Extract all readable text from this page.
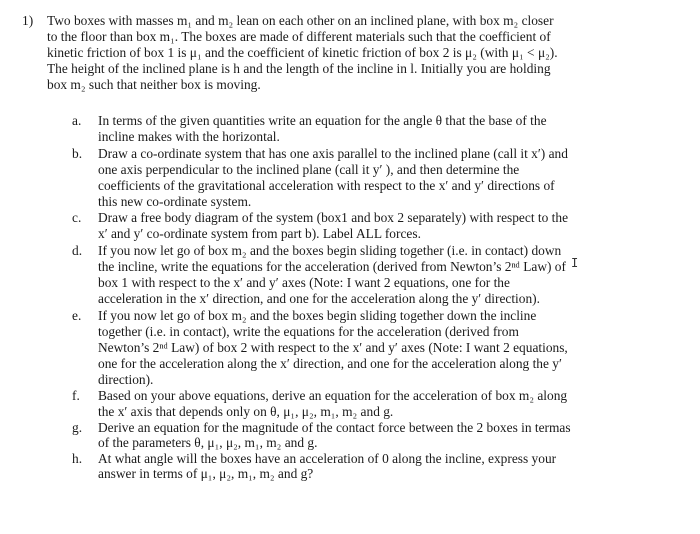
1) Two boxes with masses m₁ and m₂ lean on each other on an inclined plane, with box m₂ closer
to the floor than box m₁. The boxes are made of different materials such that the coefficient of
kinetic friction of box 1 is μ₁ and the coefficient of kinetic friction of box 2 is μ₂ (with μ₁ < μ₂).
The height of the inclined plane is h and the length of the incline in l. Initially you are holding
box m₂ such that neither box is moving.
a.	In terms of the given quantities write an equation for the angle θ that the base of the
incline makes with the horizontal.
b.	Draw a co-ordinate system that has one axis parallel to the inclined plane (call it x′) and
one axis perpendicular to the inclined plane (call it y′ ), and then determine the
coefficients of the gravitational acceleration with respect to the x′ and y′ directions of
this new co-ordinate system.
c.	Draw a free body diagram of the system (box1 and box 2 separately) with respect to the
x′ and y′ co-ordinate system from part b). Label ALL forces.
d.	If you now let go of box m₂ and the boxes begin sliding together (i.e. in contact) down
the incline, write the equations for the acceleration (derived from Newton’s 2ⁿᵈ Law) of
box 1 with respect to the x′ and y′ axes (Note: I want 2 equations, one for the
acceleration in the x′ direction, and one for the acceleration along the y′ direction).
e.	If you now let go of box m₂ and the boxes begin sliding together down the incline
together (i.e. in contact), write the equations for the acceleration (derived from
Newton’s 2ⁿᵈ Law) of box 2 with respect to the x′ and y′ axes (Note: I want 2 equations,
one for the acceleration along the x′ direction, and one for the acceleration along the y′
direction).
f.	Based on your above equations, derive an equation for the acceleration of box m₂ along
the x′ axis that depends only on θ, μ₁, μ₂, m₁, m₂ and g.
g.	Derive an equation for the magnitude of the contact force between the 2 boxes in termas
of the parameters θ, μ₁, μ₂, m₁, m₂ and g.
h.	At what angle will the boxes have an acceleration of 0 along the incline, express your
answer in terms of μ₁, μ₂, m₁, m₂ and g?
I
